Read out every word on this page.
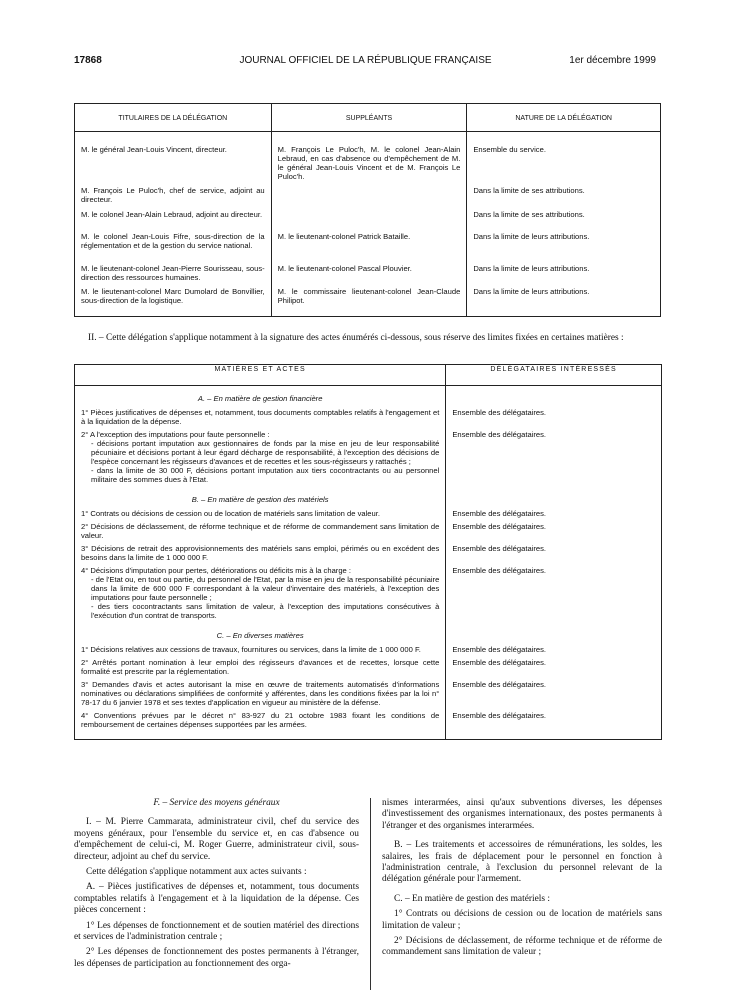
17868	JOURNAL OFFICIEL DE LA RÉPUBLIQUE FRANÇAISE	1er décembre 1999
TITULAIRES DE LA DÉLÉGATION	SUPPLÉANTS	NATURE DE LA DÉLÉGATION
M. le général Jean-Louis Vincent, directeur.	M. François Le Puloc'h, M. le colonel Jean-Alain Lebraud, en cas d'absence ou d'empêchement de M. le général Jean-Louis Vincent et de M. François Le Puloc'h.	Ensemble du service.
M. François Le Puloc'h, chef de service, adjoint au directeur.		Dans la limite de ses attributions.
M. le colonel Jean-Alain Lebraud, adjoint au directeur.		Dans la limite de ses attributions.
M. le colonel Jean-Louis Fifre, sous-direction de la réglementation et de la gestion du service national.	M. le lieutenant-colonel Patrick Bataille.	Dans la limite de leurs attributions.
M. le lieutenant-colonel Jean-Pierre Sourisseau, sous-direction des ressources humaines.	M. le lieutenant-colonel Pascal Plouvier.	Dans la limite de leurs attributions.
M. le lieutenant-colonel Marc Dumolard de Bonvillier, sous-direction de la logistique.	M. le commissaire lieutenant-colonel Jean-Claude Philipot.	Dans la limite de leurs attributions.
II. – Cette délégation s'applique notamment à la signature des actes énumérés ci-dessous, sous réserve des limites fixées en certaines matières :
MATIÈRES ET ACTES	DÉLÉGATAIRES INTÉRESSÉS
A. – En matière de gestion financière	
1° Pièces justificatives de dépenses et, notamment, tous documents comptables relatifs à l'engagement et à la liquidation de la dépense.	Ensemble des délégataires.

2° A l'exception des imputations pour faute personnelle :
- décisions portant imputation aux gestionnaires de fonds par la mise en jeu de leur responsabilité pécuniaire et décisions portant à leur égard décharge de responsabilité, à l'exception des décisions de l'espèce concernant les régisseurs d'avances et de recettes et les sous-régisseurs y rattachés ;
- dans la limite de 30 000 F, décisions portant imputation aux tiers cocontractants ou au personnel militaire des sommes dues à l'Etat.	Ensemble des délégataires.
B. – En matière de gestion des matériels	
1° Contrats ou décisions de cession ou de location de matériels sans limitation de valeur.	Ensemble des délégataires.
2° Décisions de déclassement, de réforme technique et de réforme de commandement sans limitation de valeur.	Ensemble des délégataires.
3° Décisions de retrait des approvisionnements des matériels sans emploi, périmés ou en excédent des besoins dans la limite de 1 000 000 F.	Ensemble des délégataires.

4° Décisions d'imputation pour pertes, détériorations ou déficits mis à la charge :
- de l'Etat ou, en tout ou partie, du personnel de l'Etat, par la mise en jeu de la responsabilité pécuniaire dans la limite de 600 000 F correspondant à la valeur d'inventaire des matériels, à l'exception des imputations pour faute personnelle ;
- des tiers cocontractants sans limitation de valeur, à l'exception des imputations consécutives à l'exécution d'un contrat de transports.	Ensemble des délégataires.
C. – En diverses matières	
1° Décisions relatives aux cessions de travaux, fournitures ou services, dans la limite de 1 000 000 F.	Ensemble des délégataires.
2° Arrêtés portant nomination à leur emploi des régisseurs d'avances et de recettes, lorsque cette formalité est prescrite par la réglementation.	Ensemble des délégataires.
3° Demandes d'avis et actes autorisant la mise en œuvre de traitements automatisés d'informations nominatives ou déclarations simplifiées de conformité y afférentes, dans les conditions fixées par la loi n° 78-17 du 6 janvier 1978 et ses textes d'application en vigueur au ministère de la défense.	Ensemble des délégataires.
4° Conventions prévues par le décret n° 83-927 du 21 octobre 1983 fixant les conditions de remboursement de certaines dépenses supportées par les armées.	Ensemble des délégataires.

F. – Service des moyens généraux

I. – M. Pierre Cammarata, administrateur civil, chef du service des moyens généraux, pour l'ensemble du service et, en cas d'absence ou d'empêchement de celui-ci, M. Roger Guerre, administrateur civil, sous-directeur, adjoint au chef du service.

Cette délégation s'applique notamment aux actes suivants :

A. – Pièces justificatives de dépenses et, notamment, tous documents comptables relatifs à l'engagement et à la liquidation de la dépense. Ces pièces concernent :

1° Les dépenses de fonctionnement et de soutien matériel des directions et services de l'administration centrale ;

2° Les dépenses de fonctionnement des postes permanents à l'étranger, les dépenses de participation au fonctionnement des orga-

nismes interarmées, ainsi qu'aux subventions diverses, les dépenses d'investissement des organismes internationaux, des postes permanents à l'étranger et des organismes interarmées.

B. – Les traitements et accessoires de rémunérations, les soldes, les salaires, les frais de déplacement pour le personnel en fonction à l'administration centrale, à l'exclusion du personnel relevant de la délégation générale pour l'armement.

C. – En matière de gestion des matériels :

1° Contrats ou décisions de cession ou de location de matériels sans limitation de valeur ;

2° Décisions de déclassement, de réforme technique et de réforme de commandement sans limitation de valeur ;
